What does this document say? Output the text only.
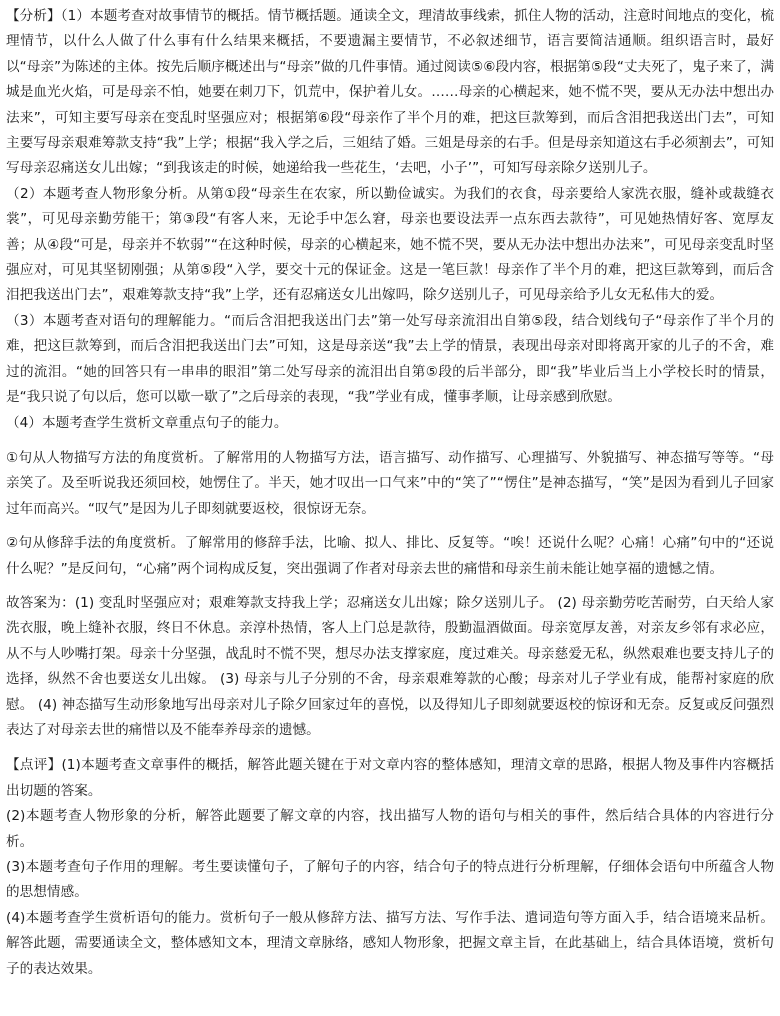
【分析】（1）本题考查对故事情节的概括。情节概括题。通读全文，理清故事线索，抓住人物的活动，注意时间地点的变化，梳理情节，以什么人做了什么事有什么结果来概括，不要遗漏主要情节，不必叙述细节，语言要简洁通顺。组织语言时，最好以“母亲”为陈述的主体。按先后顺序概述出与“母亲”做的几件事情。通过阅读⑤⑥段内容，根据第⑤段“丈夫死了，鬼子来了，满城是血光火焰，可是母亲不怕，她要在刺刀下，饥荒中，保护着儿女。……母亲的心横起来，她不慌不哭，要从无办法中想出办法来”，可知主要写母亲在变乱时坚强应对；根据第⑥段“母亲作了半个月的难，把这巨款筹到，而后含泪把我送出门去”，可知主要写母亲艰难筹款支持“我”上学；根据“我入学之后，三姐结了婚。三姐是母亲的右手。但是母亲知道这右手必须割去”，可知写母亲忍痛送女儿出嫁；“到我该走的时候，她递给我一些花生，‘去吧，小子’”，可知写母亲除夕送别儿子。

（2）本题考查人物形象分析。从第①段“母亲生在农家，所以勤俭诚实。为我们的衣食，母亲要给人家洗衣服，缝补或裁缝衣裳”，可见母亲勤劳能干；第③段“有客人来，无论手中怎么窘，母亲也要设法弄一点东西去款待”，可见她热情好客、宽厚友善；从④段“可是，母亲并不软弱”“在这种时候，母亲的心横起来，她不慌不哭，要从无办法中想出办法来”，可见母亲变乱时坚强应对，可见其坚韧刚强；从第⑤段“入学，要交十元的保证金。这是一笔巨款！母亲作了半个月的难，把这巨款筹到，而后含泪把我送出门去”，艰难筹款支持“我”上学，还有忍痛送女儿出嫁吗，除夕送别儿子，可见母亲给予儿女无私伟大的爱。

（3）本题考查对语句的理解能力。“而后含泪把我送出门去”第一处写母亲流泪出自第⑤段，结合划线句子“母亲作了半个月的难，把这巨款筹到，而后含泪把我送出门去”可知，这是母亲送“我”去上学的情景，表现出母亲对即将离开家的儿子的不舍，难过的流泪。“她的回答只有一串串的眼泪”第二处写母亲的流泪出自第⑤段的后半部分，即“我”毕业后当上小学校长时的情景，是“我只说了句以后，您可以歇一歇了”之后母亲的表现，“我”学业有成，懂事孝顺，让母亲感到欣慰。

（4）本题考查学生赏析文章重点句子的能力。

①句从人物描写方法的角度赏析。了解常用的人物描写方法，语言描写、动作描写、心理描写、外貌描写、神态描写等等。“母亲笑了。及至听说我还须回校，她愣住了。半天，她才叹出一口气来”中的“笑了”“愣住”是神态描写，“笑”是因为看到儿子回家过年而高兴。“叹气”是因为儿子即刻就要返校，很惊讶无奈。

②句从修辞手法的角度赏析。了解常用的修辞手法，比喻、拟人、排比、反复等。“唉！还说什么呢？心痛！心痛”句中的“还说什么呢？”是反问句，“心痛”两个词构成反复，突出强调了作者对母亲去世的痛惜和母亲生前未能让她享福的遗憾之情。

故答案为：(1) 变乱时坚强应对；艰难筹款支持我上学；忍痛送女儿出嫁；除夕送别儿子。 (2) 母亲勤劳吃苦耐劳，白天给人家洗衣服，晚上缝补衣服，终日不休息。亲淳朴热情，客人上门总是款待，殷勤温酒做面。母亲宽厚友善，对亲友乡邻有求必应，从不与人吵嘴打架。母亲十分坚强，战乱时不慌不哭，想尽办法支撑家庭，度过难关。母亲慈爱无私，纵然艰难也要支持儿子的选择，纵然不舍也要送女儿出嫁。 (3) 母亲与儿子分别的不舍，母亲艰难筹款的心酸；母亲对儿子学业有成，能帮衬家庭的欣慰。 (4) 神态描写生动形象地写出母亲对儿子除夕回家过年的喜悦，以及得知儿子即刻就要返校的惊讶和无奈。反复或反问强烈表达了对母亲去世的痛惜以及不能奉养母亲的遗憾。

【点评】(1)本题考查文章事件的概括，解答此题关键在于对文章内容的整体感知，理清文章的思路，根据人物及事件内容概括出切题的答案。

(2)本题考查人物形象的分析，解答此题要了解文章的内容，找出描写人物的语句与相关的事件，然后结合具体的内容进行分析。

(3)本题考查句子作用的理解。考生要读懂句子，了解句子的内容，结合句子的特点进行分析理解，仔细体会语句中所蕴含人物的思想情感。

(4)本题考查学生赏析语句的能力。赏析句子一般从修辞方法、描写方法、写作手法、遣词造句等方面入手，结合语境来品析。解答此题，需要通读全文，整体感知文本，理清文章脉络，感知人物形象，把握文章主旨，在此基础上，结合具体语境，赏析句子的表达效果。
